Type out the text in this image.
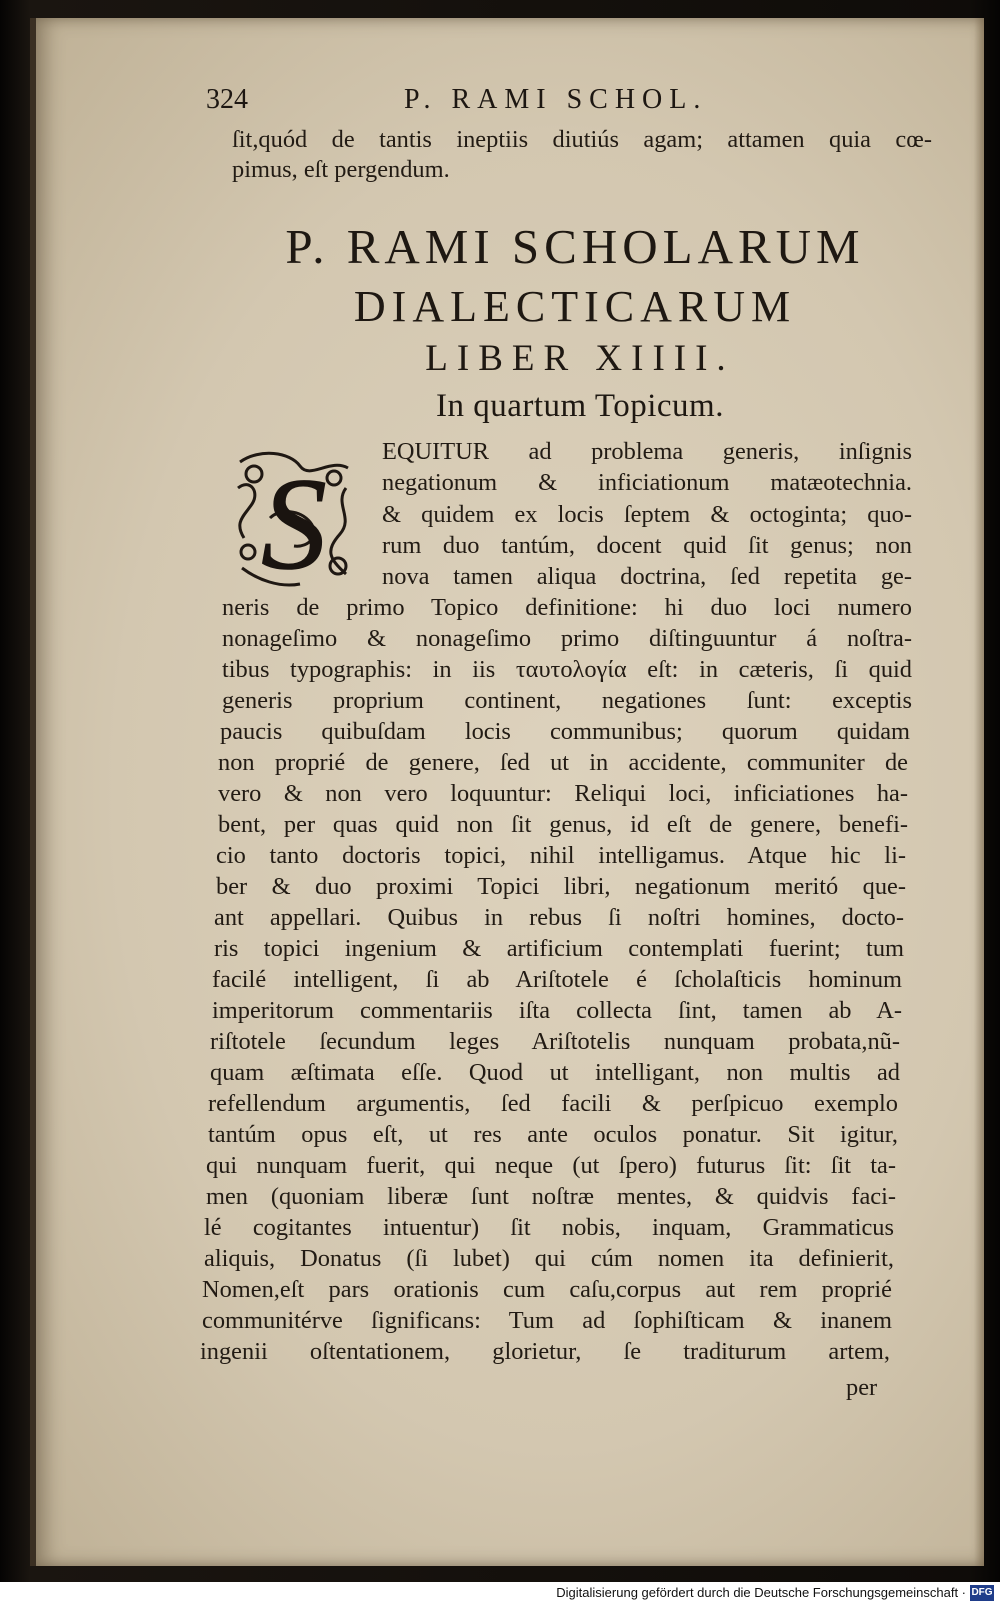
324	P. RAMI SCHOL.
ſit,quód de tantis ineptiis diutiús agam; attamen quia cœ-
pimus, eſt pergendum.
P. RAMI SCHOLARUM
DIALECTICARUM
LIBER XIIII.
In quartum Topicum.
S EQUITUR ad problema generis, inſignis
negationum & inficiationum matæotechnia.
& quidem ex locis ſeptem & octoginta; quo-
rum duo tantúm, docent quid ſit genus; non
nova tamen aliqua doctrina, ſed repetita ge-
neris de primo Topico definitione: hi duo loci numero
nonageſimo & nonageſimo primo diſtinguuntur á noſtra-
tibus typographis: in iis ταυτολογία eſt: in cæteris, ſi quid
generis proprium continent, negationes ſunt: exceptis
paucis quibuſdam locis communibus; quorum quidam
non proprié de genere, ſed ut in accidente, communiter de
vero & non vero loquuntur: Reliqui loci, inficiationes ha-
bent, per quas quid non ſit genus, id eſt de genere, benefi-
cio tanto doctoris topici, nihil intelligamus. Atque hic li-
ber & duo proximi Topici libri, negationum meritó que-
ant appellari. Quibus in rebus ſi noſtri homines, docto-
ris topici ingenium & artificium contemplati fuerint; tum
facilé intelligent, ſi ab Ariſtotele é ſcholaſticis hominum
imperitorum commentariis iſta collecta ſint, tamen ab A-
riſtotele ſecundum leges Ariſtotelis nunquam probata,nũ-
quam æſtimata eſſe. Quod ut intelligant, non multis ad
refellendum argumentis, ſed facili & perſpicuo exemplo
tantúm opus eſt, ut res ante oculos ponatur. Sit igitur,
qui nunquam fuerit, qui neque (ut ſpero) futurus ſit: ſit ta-
men (quoniam liberæ ſunt noſtræ mentes, & quidvis faci-
lé cogitantes intuentur) ſit nobis, inquam, Grammaticus
aliquis, Donatus (ſi lubet) qui cúm nomen ita definierit,
Nomen,eſt pars orationis cum caſu,corpus aut rem proprié
communitérve ſignificans: Tum ad ſophiſticam & inanem
ingenii oſtentationem, glorietur, ſe traditurum artem,
per
Digitalisierung gefördert durch die Deutsche Forschungsgemeinschaft · DFG
